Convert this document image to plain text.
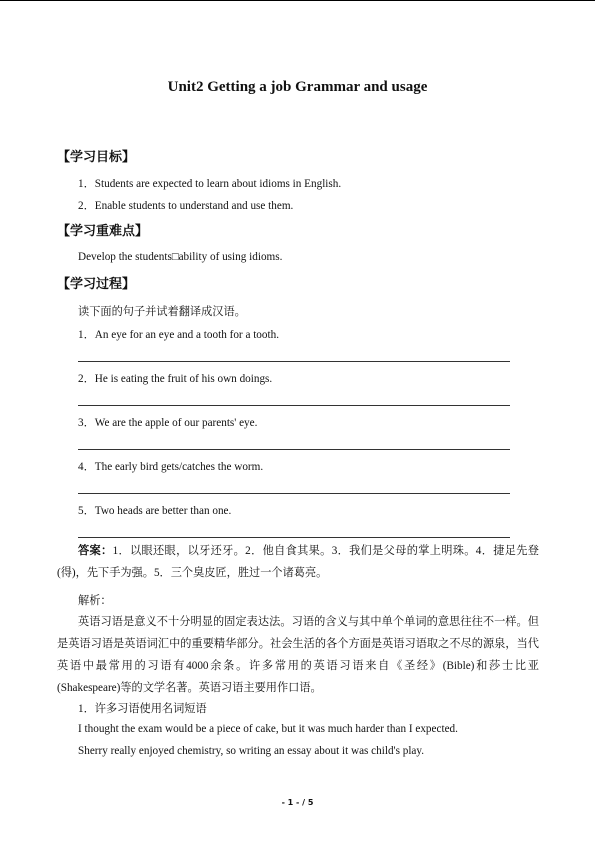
Unit2 Getting a job Grammar and usage
【学习目标】
1．Students are expected to learn about idioms in English.
2．Enable students to understand and use them.
【学习重难点】
Develop the students□ability of using idioms.
【学习过程】
读下面的句子并试着翻译成汉语。
1．An eye for an eye and a tooth for a tooth.
2．He is eating the fruit of his own doings.
3．We are the apple of our parents' eye.
4．The early bird gets/catches the worm.
5．Two heads are better than one.

答案：1．以眼还眼，以牙还牙。2．他自食其果。3．我们是父母的掌上明珠。4．捷足先登(得)，先下手为强。5．三个臭皮匠，胜过一个诸葛亮。

解析：

英语习语是意义不十分明显的固定表达法。习语的含义与其中单个单词的意思往往不一样。但是英语习语是英语词汇中的重要精华部分。社会生活的各个方面是英语习语取之不尽的源泉，当代英语中最常用的习语有4000余条。许多常用的英语习语来自《圣经》(Bible)和莎士比亚(Shakespeare)等的文学名著。英语习语主要用作口语。

1．许多习语使用名词短语
I thought the exam would be a piece of cake, but it was much harder than I expected.
Sherry really enjoyed chemistry, so writing an essay about it was child's play.
- 1 - / 5
